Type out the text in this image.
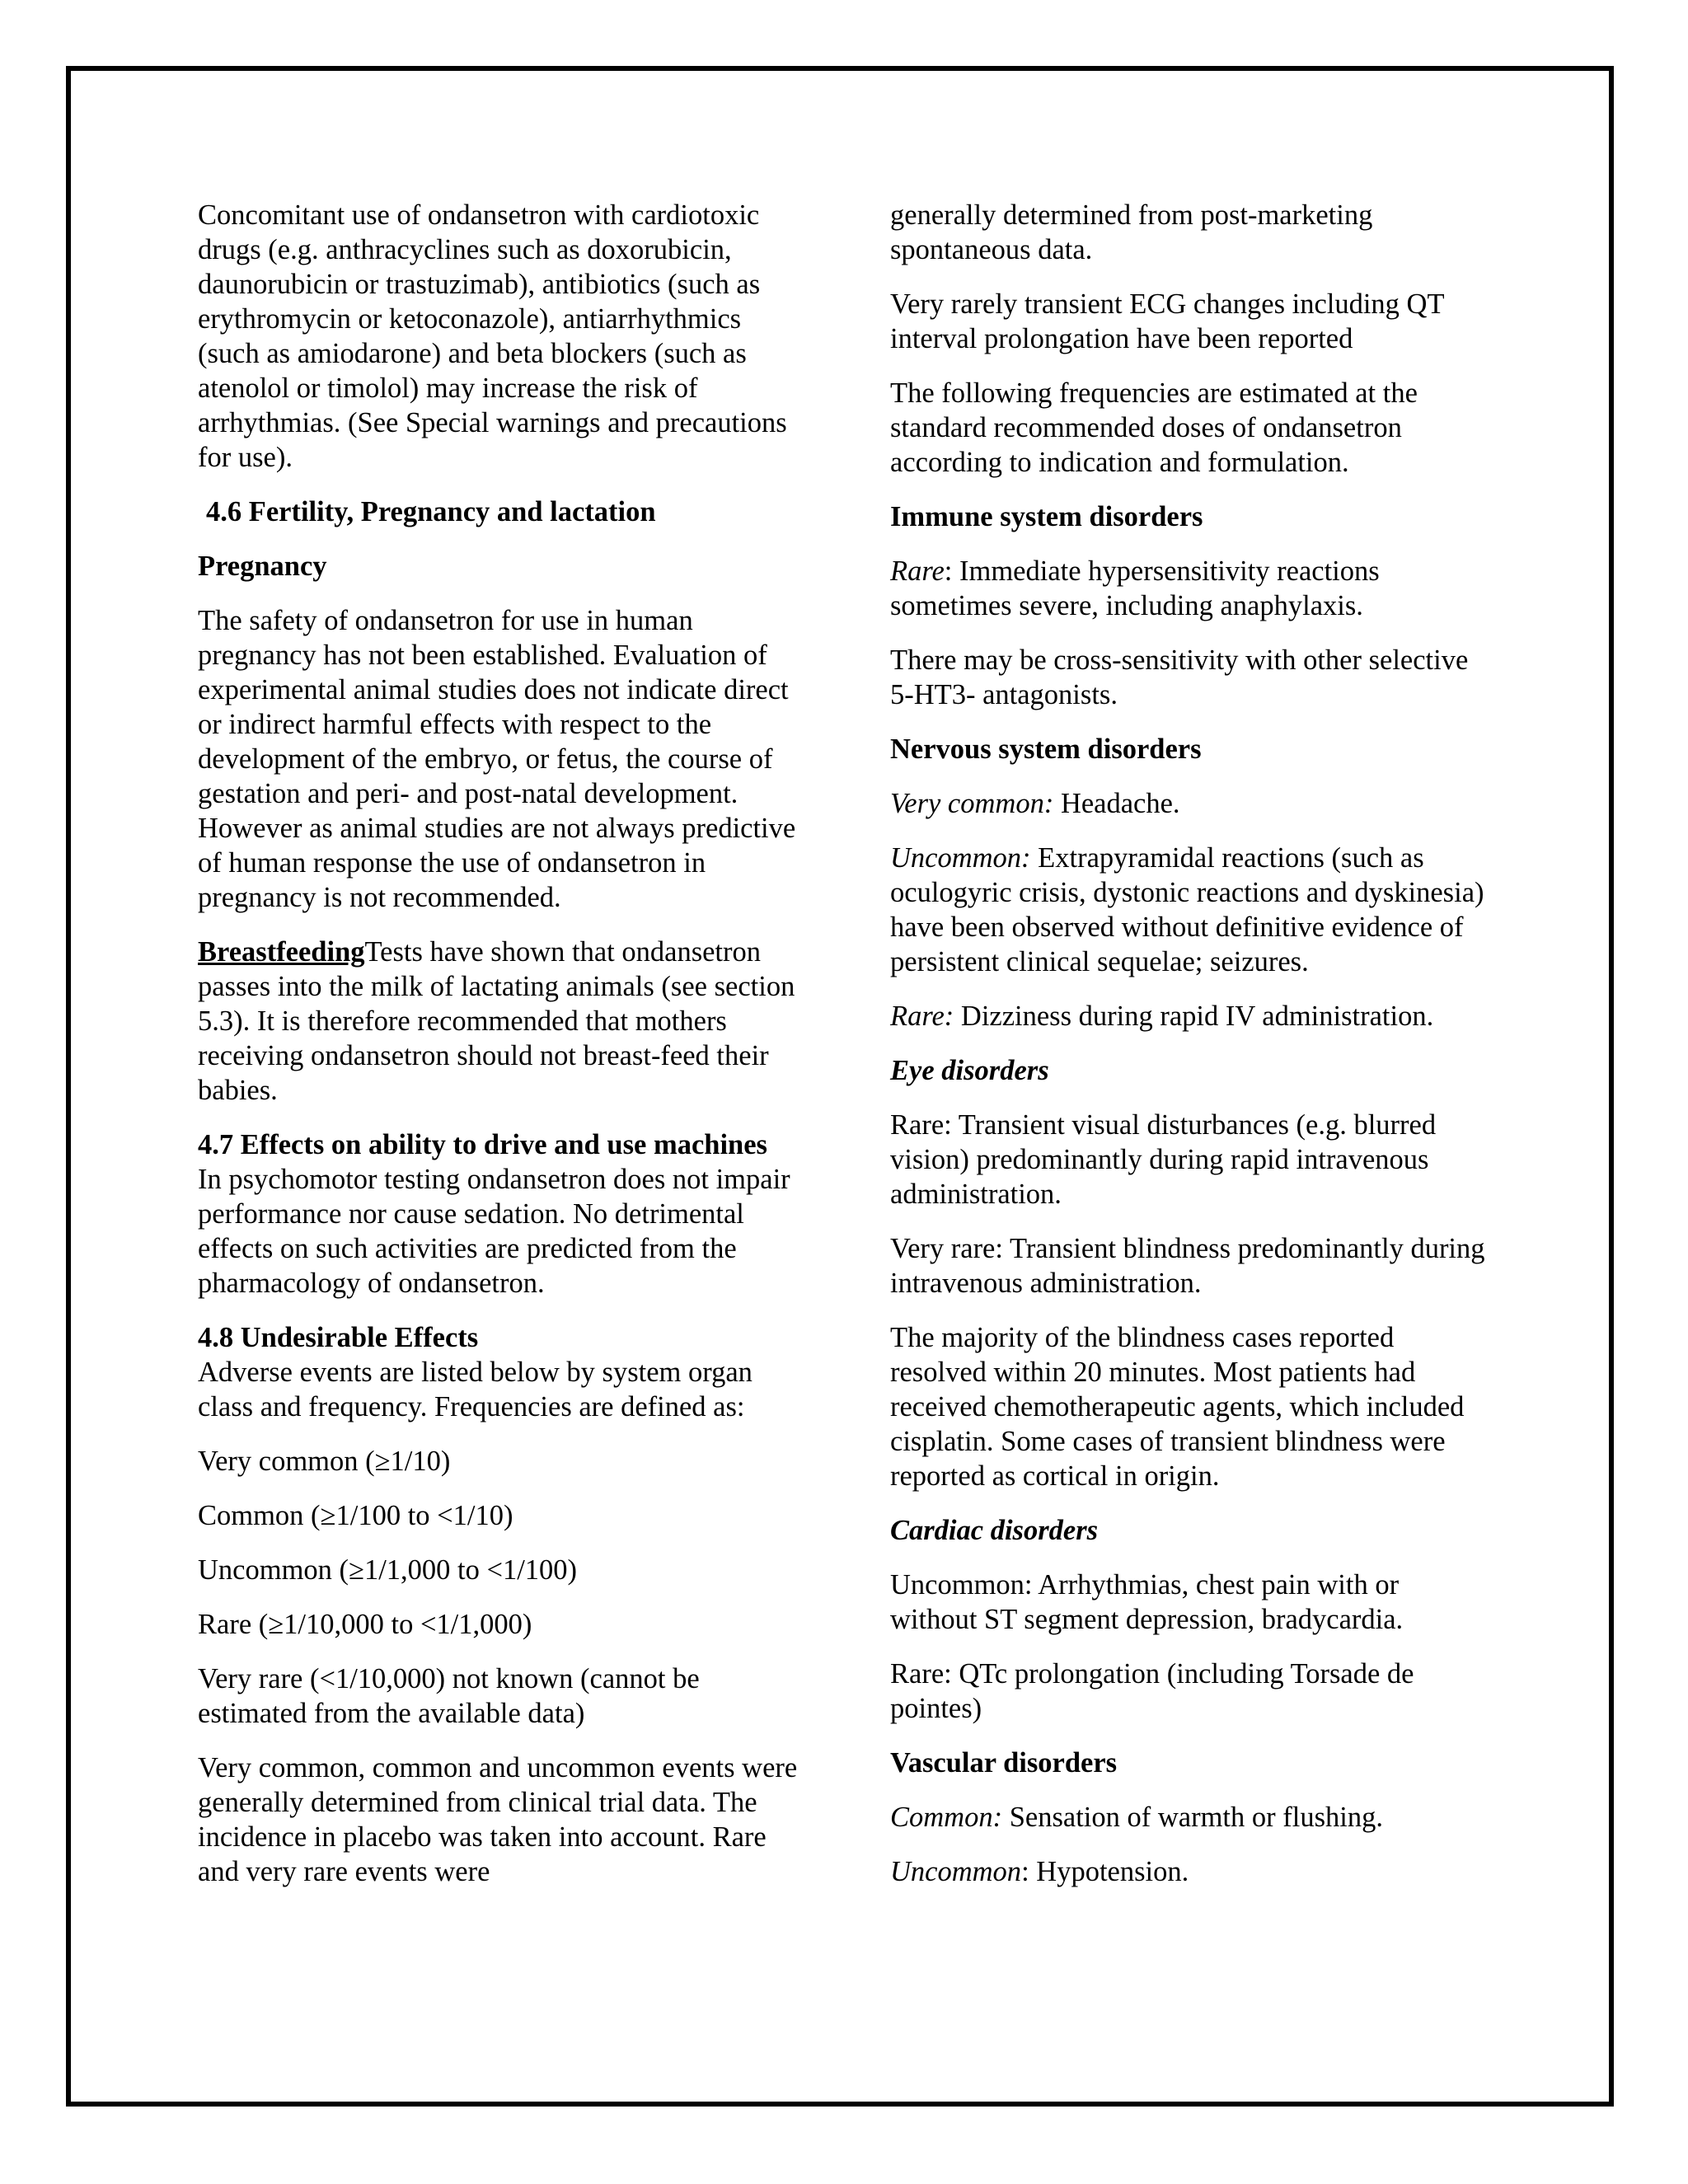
Concomitant use of ondansetron with cardiotoxic drugs (e.g. anthracyclines such as doxorubicin, daunorubicin or trastuzimab), antibiotics (such as erythromycin or ketoconazole), antiarrhythmics (such as amiodarone) and beta blockers (such as atenolol or timolol) may increase the risk of arrhythmias. (See Special warnings and precautions for use).

4.6 Fertility, Pregnancy and lactation

Pregnancy

The safety of ondansetron for use in human pregnancy has not been established. Evaluation of experimental animal studies does not indicate direct or indirect harmful effects with respect to the development of the embryo, or fetus, the course of gestation and peri- and post-natal development. However as animal studies are not always predictive of human response the use of ondansetron in pregnancy is not recommended.

BreastfeedingTests have shown that ondansetron passes into the milk of lactating animals (see section 5.3). It is therefore recommended that mothers receiving ondansetron should not breast-feed their babies.

4.7 Effects on ability to drive and use machines
In psychomotor testing ondansetron does not impair performance nor cause sedation. No detrimental effects on such activities are predicted from the pharmacology of ondansetron.

4.8 Undesirable Effects
Adverse events are listed below by system organ class and frequency. Frequencies are defined as:

Very common (≥1/10)

Common (≥1/100 to <1/10)

Uncommon (≥1/1,000 to <1/100)

Rare (≥1/10,000 to <1/1,000)

Very rare (<1/10,000) not known (cannot be estimated from the available data)

Very common, common and uncommon events were generally determined from clinical trial data. The incidence in placebo was taken into account. Rare and very rare events were

generally determined from post-marketing spontaneous data.

Very rarely transient ECG changes including QT interval prolongation have been reported

The following frequencies are estimated at the standard recommended doses of ondansetron according to indication and formulation.

Immune system disorders

Rare: Immediate hypersensitivity reactions sometimes severe, including anaphylaxis.

There may be cross-sensitivity with other selective 5-HT3- antagonists.

Nervous system disorders

Very common: Headache.

Uncommon: Extrapyramidal reactions (such as oculogyric crisis, dystonic reactions and dyskinesia) have been observed without definitive evidence of persistent clinical sequelae; seizures.

Rare: Dizziness during rapid IV administration.

Eye disorders

Rare: Transient visual disturbances (e.g. blurred vision) predominantly during rapid intravenous administration.

Very rare: Transient blindness predominantly during intravenous administration.

The majority of the blindness cases reported resolved within 20 minutes. Most patients had received chemotherapeutic agents, which included cisplatin. Some cases of transient blindness were reported as cortical in origin.

Cardiac disorders

Uncommon: Arrhythmias, chest pain with or without ST segment depression, bradycardia.

Rare: QTc prolongation (including Torsade de pointes)

Vascular disorders

Common: Sensation of warmth or flushing.

Uncommon: Hypotension.
